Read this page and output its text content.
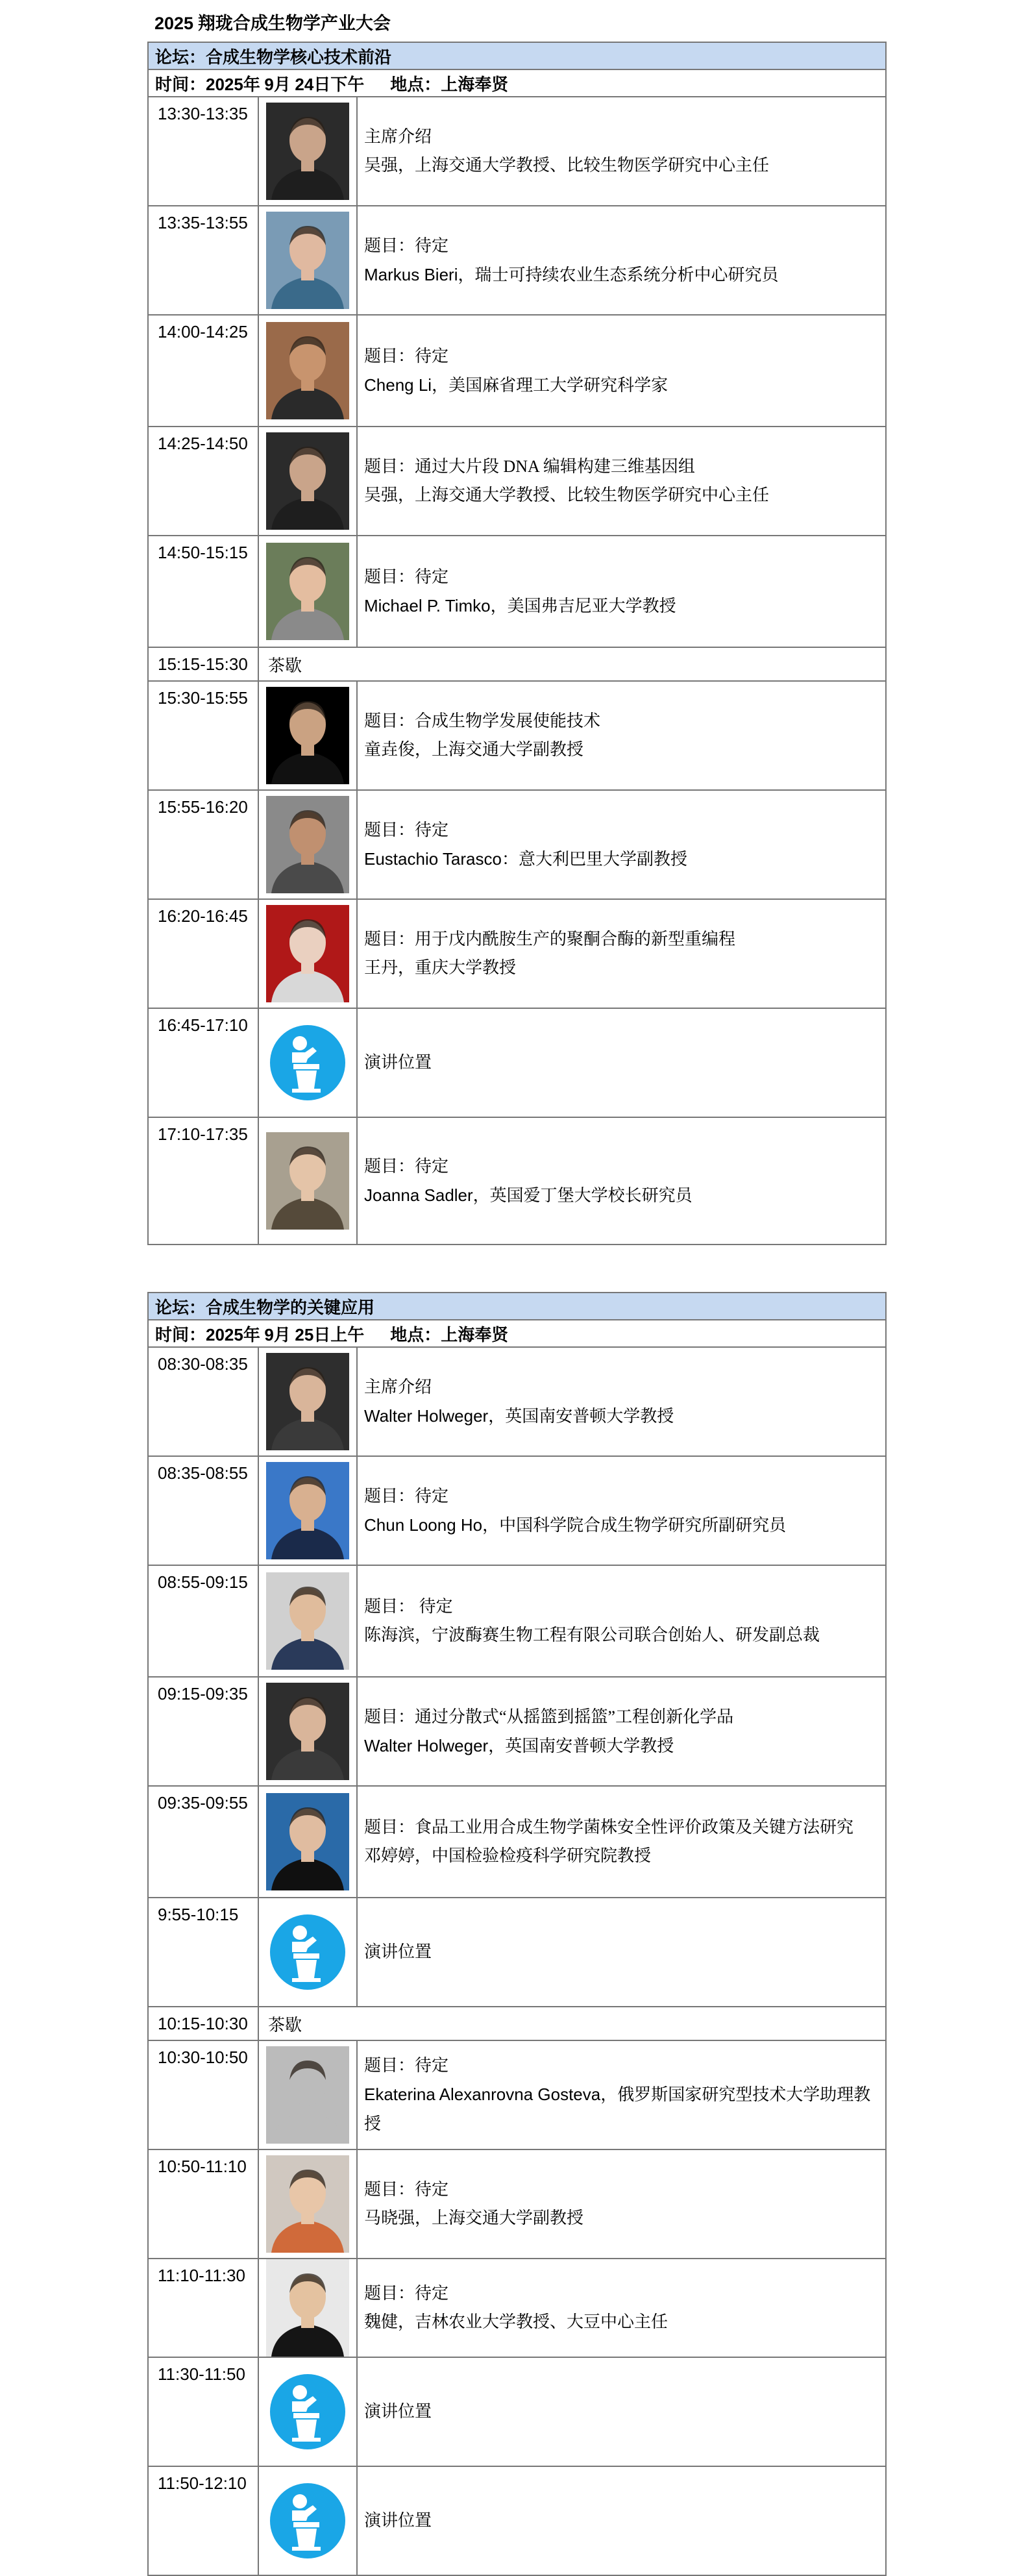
2025 翔珑合成生物学产业大会
论坛：合成生物学核心技术前沿		
时间：2025年 9月 24日下午 地点：上海奉贤		
13:30-13:35		主席介绍
吴强，上海交通大学教授、比较生物医学研究中心主任

13:35-13:55		题目：待定
Markus Bieri，瑞士可持续农业生态系统分析中心研究员

14:00-14:25		题目：待定
Cheng Li，美国麻省理工大学研究科学家

14:25-14:50		题目：通过大片段 DNA 编辑构建三维基因组
吴强，上海交通大学教授、比较生物医学研究中心主任

14:50-15:15		题目：待定
Michael P. Timko，美国弗吉尼亚大学教授

15:15-15:30	茶歇	
15:30-15:55		题目：合成生物学发展使能技术
童垚俊，上海交通大学副教授

15:55-16:20		题目：待定
Eustachio Tarasco：意大利巴里大学副教授

16:20-16:45		题目：用于戊内酰胺生产的聚酮合酶的新型重编程
王丹，重庆大学教授

16:45-17:10		演讲位置
17:10-17:35		题目：待定
Joanna Sadler，英国爱丁堡大学校长研究员
论坛：合成生物学的关键应用		
时间：2025年 9月 25日上午 地点：上海奉贤		
08:30-08:35		主席介绍
Walter Holweger，英国南安普顿大学教授

08:35-08:55		题目：待定
Chun Loong Ho，中国科学院合成生物学研究所副研究员

08:55-09:15		题目： 待定
陈海滨，宁波酶赛生物工程有限公司联合创始人、研发副总裁

09:15-09:35		题目：通过分散式“从摇篮到摇篮”工程创新化学品
Walter Holweger，英国南安普顿大学教授

09:35-09:55		题目：食品工业用合成生物学菌株安全性评价政策及关键方法研究
邓婷婷，中国检验检疫科学研究院教授

9:55-10:15		演讲位置
10:15-10:30	茶歇	
10:30-10:50		题目：待定
Ekaterina Alexanrovna Gosteva，俄罗斯国家研究型技术大学助理教授

10:50-11:10		题目：待定
马晓强，上海交通大学副教授

11:10-11:30		题目：待定
魏健，吉林农业大学教授、大豆中心主任

11:30-11:50		演讲位置
11:50-12:10		演讲位置
